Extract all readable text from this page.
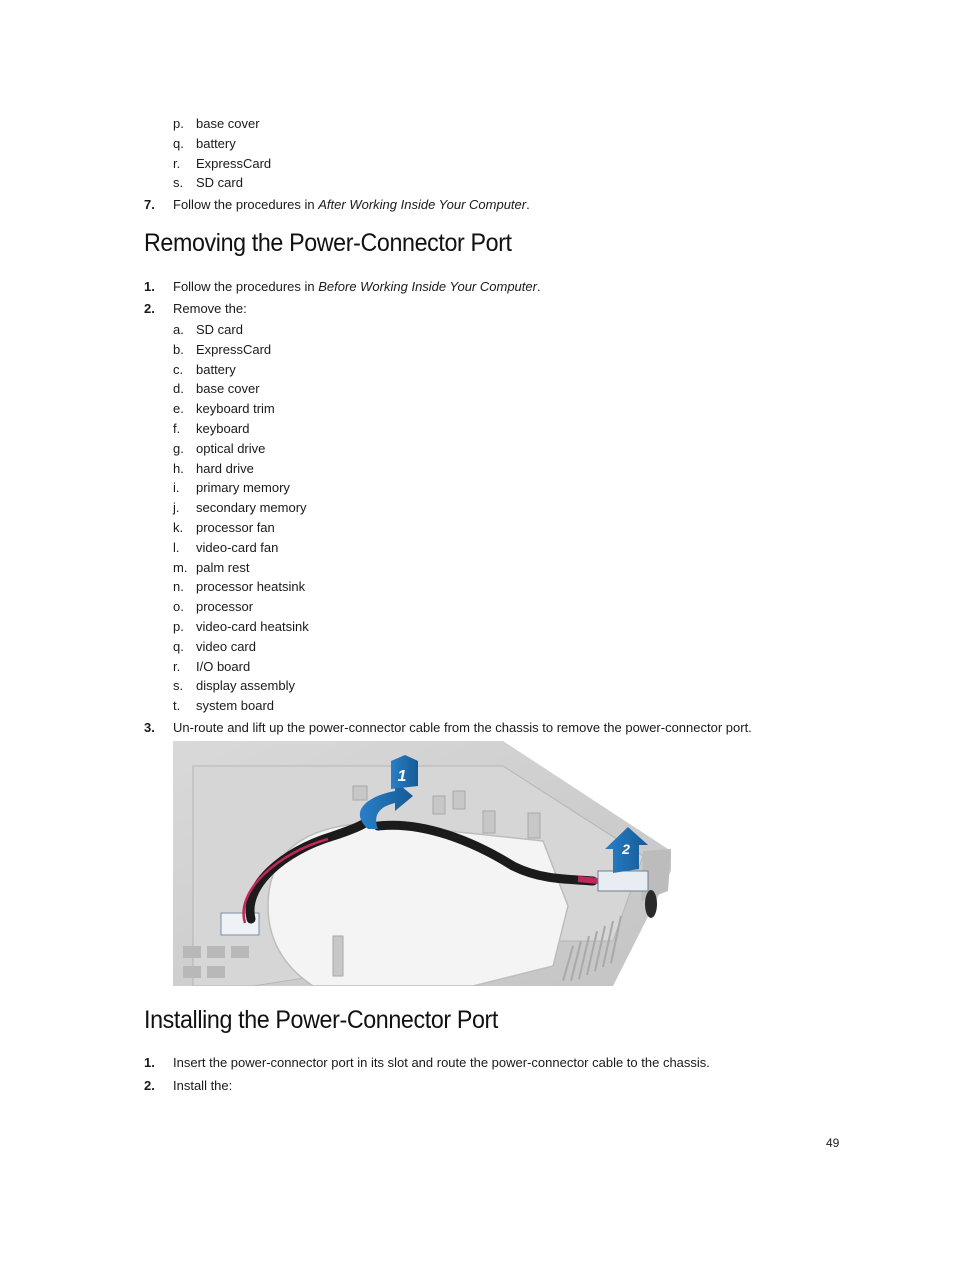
p. base cover
q. battery
r. ExpressCard
s. SD card
7. Follow the procedures in After Working Inside Your Computer.
Removing the Power-Connector Port
1. Follow the procedures in Before Working Inside Your Computer.
2. Remove the:
a. SD card
b. ExpressCard
c. battery
d. base cover
e. keyboard trim
f. keyboard
g. optical drive
h. hard drive
i. primary memory
j. secondary memory
k. processor fan
l. video-card fan
m. palm rest
n. processor heatsink
o. processor
p. video-card heatsink
q. video card
r. I/O board
s. display assembly
t. system board
3. Un-route and lift up the power-connector cable from the chassis to remove the power-connector port.
1
2
Installing the Power-Connector Port
1. Insert the power-connector port in its slot and route the power-connector cable to the chassis.
2. Install the:
49
